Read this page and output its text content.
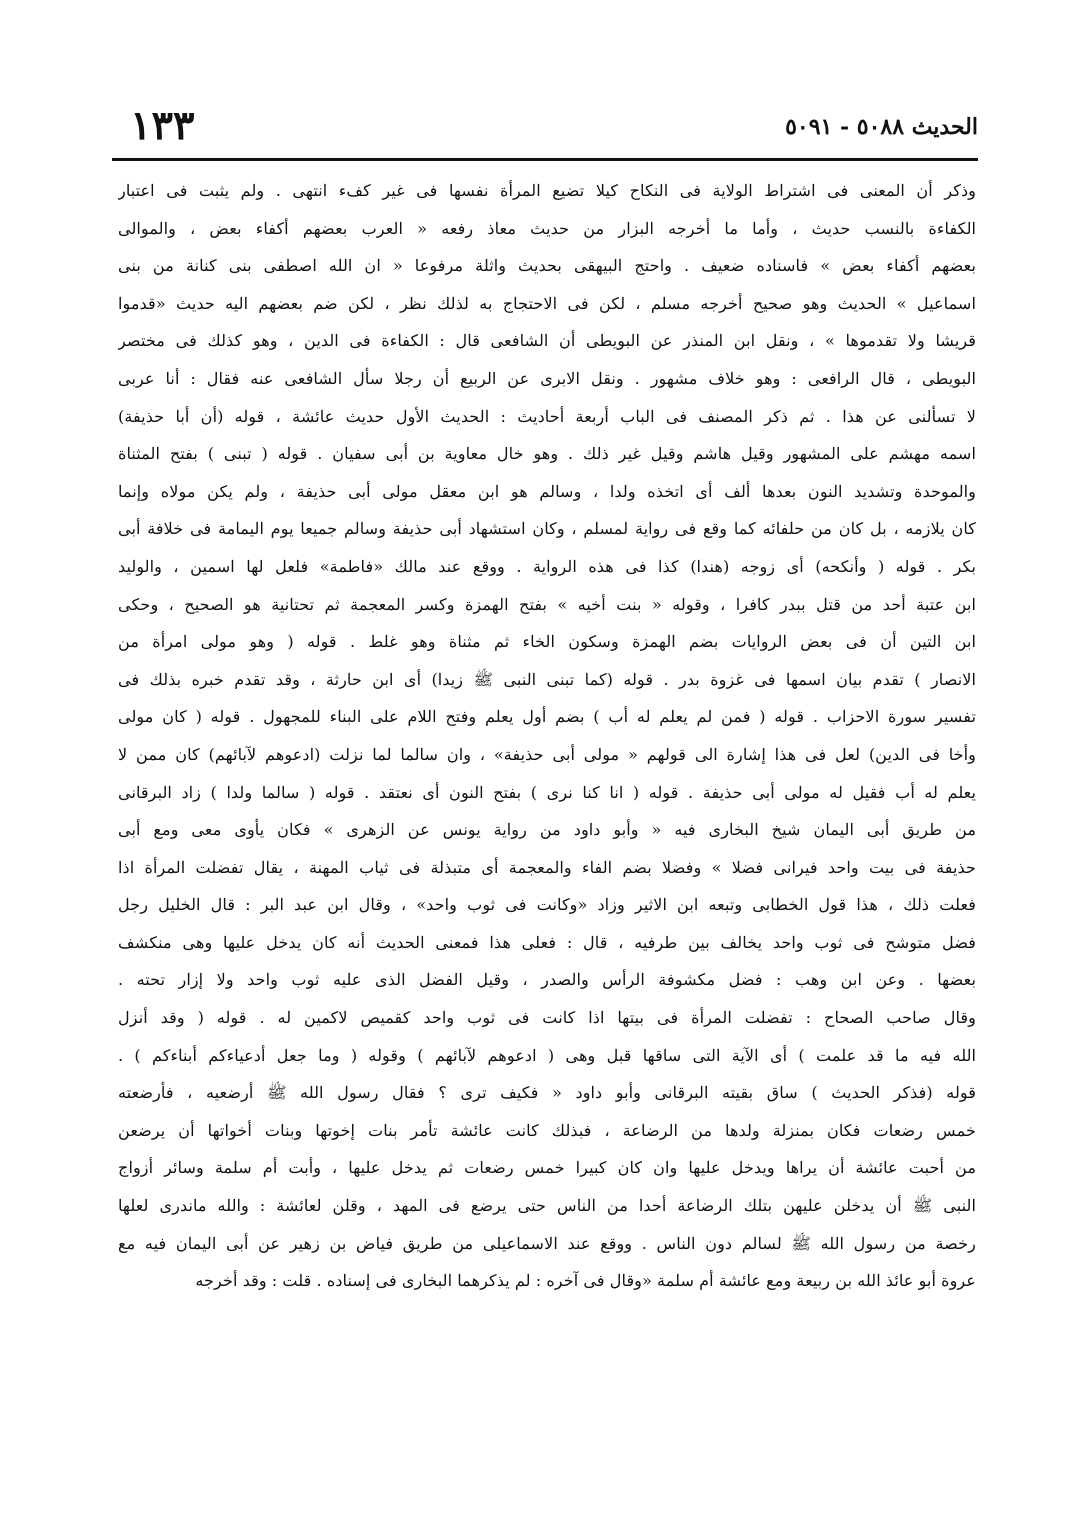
الحديث ٥٠٨٨ - ٥٠٩١
١٣٣
وذكر أن المعنى فى اشتراط الولاية فى النكاح كيلا تضيع المرأة نفسها فى غير كفء انتهى . ولم يثبت فى اعتبار
الكفاءة بالنسب حديث ، وأما ما أخرجه البزار من حديث معاذ رفعه « العرب بعضهم أكفاء بعض ، والموالى
بعضهم أكفاء بعض » فاسناده ضعيف . واحتج البيهقى بحديث واثلة مرفوعا « ان الله اصطفى بنى كنانة من بنى
اسماعيل » الحديث وهو صحيح أخرجه مسلم ، لكن فى الاحتجاج به لذلك نظر ، لكن ضم بعضهم اليه حديث «قدموا
قريشا ولا تقدموها » ، ونقل ابن المنذر عن البويطى أن الشافعى قال : الكفاءة فى الدين ، وهو كذلك فى مختصر
البويطى ، قال الرافعى : وهو خلاف مشهور . ونقل الابرى عن الربيع أن رجلا سأل الشافعى عنه فقال : أنا عربى
لا تسألنى عن هذا . ثم ذكر المصنف فى الباب أربعة أحاديث : الحديث الأول حديث عائشة ، قوله (أن أبا حذيفة)
اسمه مهشم على المشهور وقيل هاشم وقيل غير ذلك . وهو خال معاوية بن أبى سفيان . قوله ( تبنى ) بفتح المثناة
والموحدة وتشديد النون بعدها ألف أى اتخذه ولدا ، وسالم هو ابن معقل مولى أبى حذيفة ، ولم يكن مولاه وإنما
كان يلازمه ، بل كان من حلفائه كما وقع فى رواية لمسلم ، وكان استشهاد أبى حذيفة وسالم جميعا يوم اليمامة فى خلافة أبى
بكر . قوله ( وأنكحه) أى زوجه (هندا) كذا فى هذه الرواية . ووقع عند مالك «فاطمة» فلعل لها اسمين ، والوليد
ابن عتبة أحد من قتل ببدر كافرا ، وقوله « بنت أخيه » بفتح الهمزة وكسر المعجمة ثم تحتانية هو الصحيح ، وحكى
ابن التين أن فى بعض الروايات بضم الهمزة وسكون الخاء ثم مثناة وهو غلط . قوله ( وهو مولى امرأة من
الانصار ) تقدم بيان اسمها فى غزوة بدر . قوله (كما تبنى النبى ﷺ زيدا) أى ابن حارثة ، وقد تقدم خبره بذلك فى
تفسير سورة الاحزاب . قوله ( فمن لم يعلم له أب ) بضم أول يعلم وفتح اللام على البناء للمجهول . قوله ( كان مولى
وأخا فى الدين) لعل فى هذا إشارة الى قولهم « مولى أبى حذيفة» ، وان سالما لما نزلت (ادعوهم لآبائهم) كان ممن لا
يعلم له أب فقيل له مولى أبى حذيفة . قوله ( انا كنا نرى ) بفتح النون أى نعتقد . قوله ( سالما ولدا ) زاد البرقانى
من طريق أبى اليمان شيخ البخارى فيه « وأبو داود من رواية يونس عن الزهرى » فكان يأوى معى ومع أبى
حذيفة فى بيت واحد فيرانى فضلا » وفضلا بضم الفاء والمعجمة أى متبذلة فى ثياب المهنة ، يقال تفضلت المرأة اذا
فعلت ذلك ، هذا قول الخطابى وتبعه ابن الاثير وزاد «وكانت فى ثوب واحد» ، وقال ابن عبد البر : قال الخليل رجل
فضل متوشح فى ثوب واحد يخالف بين طرفيه ، قال : فعلى هذا فمعنى الحديث أنه كان يدخل عليها وهى منكشف
بعضها . وعن ابن وهب : فضل مكشوفة الرأس والصدر ، وقيل الفضل الذى عليه ثوب واحد ولا إزار تحته .
وقال صاحب الصحاح : تفضلت المرأة فى بيتها اذا كانت فى ثوب واحد كقميص لاكمين له . قوله ( وقد أنزل
الله فيه ما قد علمت ) أى الآية التى ساقها قبل وهى ( ادعوهم لآبائهم ) وقوله ( وما جعل أدعياءكم أبناءكم ) .
قوله (فذكر الحديث ) ساق بقيته البرقانى وأبو داود « فكيف ترى ؟ فقال رسول الله ﷺ أرضعيه ، فأرضعته
خمس رضعات فكان بمنزلة ولدها من الرضاعة ، فبذلك كانت عائشة تأمر بنات إخوتها وبنات أخواتها أن يرضعن
من أحبت عائشة أن يراها ويدخل عليها وان كان كبيرا خمس رضعات ثم يدخل عليها ، وأبت أم سلمة وسائر أزواج
النبى ﷺ أن يدخلن عليهن بتلك الرضاعة أحدا من الناس حتى يرضع فى المهد ، وقلن لعائشة : والله ماندرى لعلها
رخصة من رسول الله ﷺ لسالم دون الناس . ووقع عند الاسماعيلى من طريق فياض بن زهير عن أبى اليمان فيه مع
عروة أبو عائذ الله بن ربيعة ومع عائشة أم سلمة «وقال فى آخره : لم يذكرهما البخارى فى إسناده . قلت : وقد أخرجه
